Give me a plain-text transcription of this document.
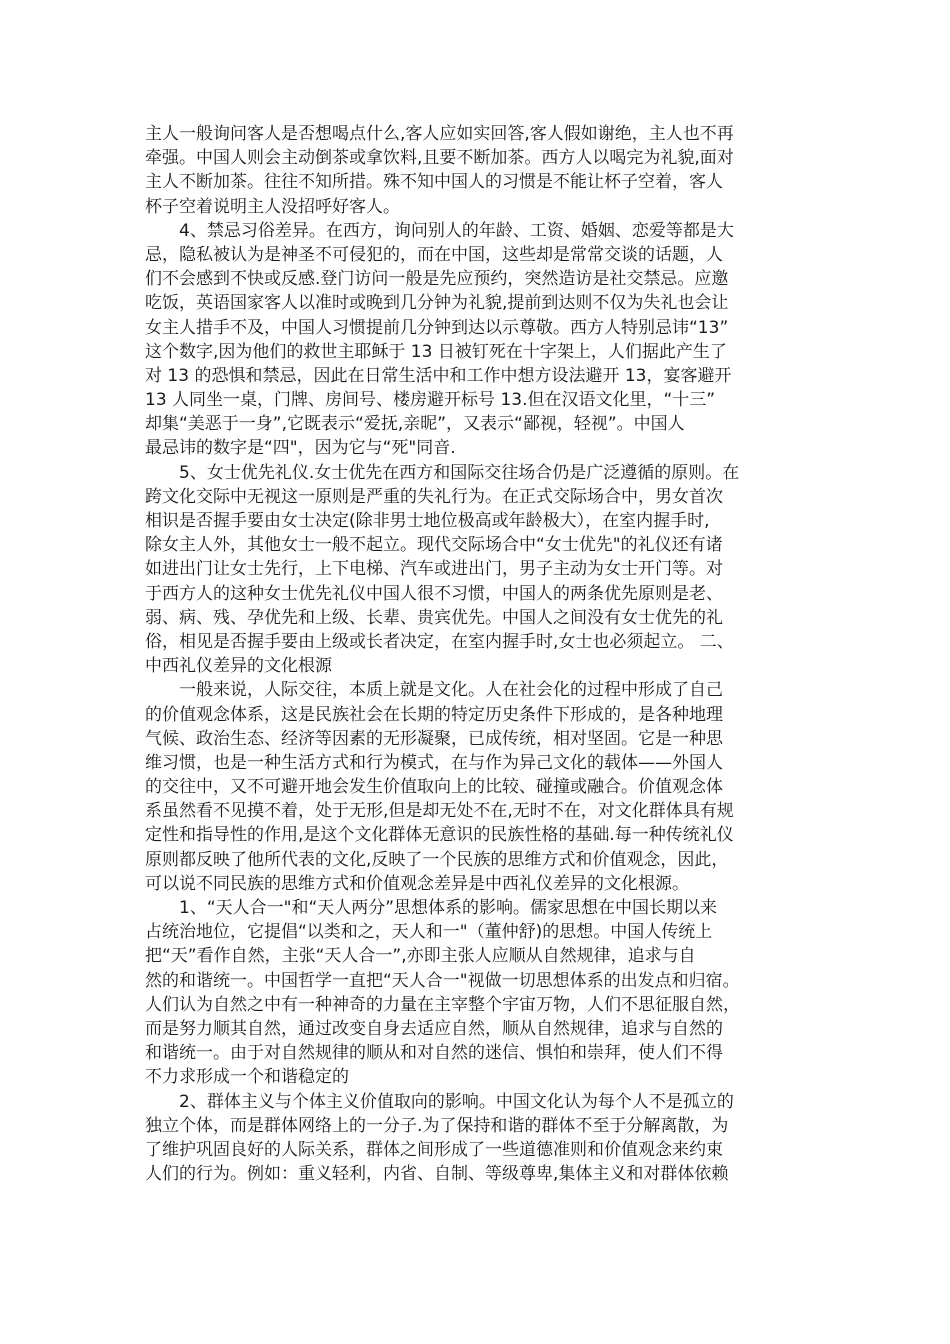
主人一般询问客人是否想喝点什么,客人应如实回答,客人假如谢绝，主人也不再
牵强。中国人则会主动倒茶或拿饮料,且要不断加茶。西方人以喝完为礼貌,面对
主人不断加茶。往往不知所措。殊不知中国人的习惯是不能让杯子空着，客人
杯子空着说明主人没招呼好客人。
4、禁忌习俗差异。在西方，询问别人的年龄、工资、婚姻、恋爱等都是大
忌，隐私被认为是神圣不可侵犯的，而在中国，这些却是常常交谈的话题，人
们不会感到不快或反感.登门访问一般是先应预约，突然造访是社交禁忌。应邀
吃饭，英语国家客人以准时或晚到几分钟为礼貌,提前到达则不仅为失礼也会让
女主人措手不及，中国人习惯提前几分钟到达以示尊敬。西方人特别忌讳“13”
这个数字,因为他们的救世主耶稣于 13 日被钉死在十字架上，人们据此产生了
对 13 的恐惧和禁忌，因此在日常生活中和工作中想方设法避开 13，宴客避开
13 人同坐一桌，门牌、房间号、楼房避开标号 13.但在汉语文化里，“十三”
却集“美恶于一身”,它既表示“爱抚,亲昵”，又表示“鄙视，轻视”。中国人
最忌讳的数字是“四"，因为它与“死"同音.
5、女士优先礼仪.女士优先在西方和国际交往场合仍是广泛遵循的原则。在
跨文化交际中无视这一原则是严重的失礼行为。在正式交际场合中，男女首次
相识是否握手要由女士决定(除非男士地位极高或年龄极大），在室内握手时,
除女主人外，其他女士一般不起立。现代交际场合中“女士优先"的礼仪还有诸
如进出门让女士先行，上下电梯、汽车或进出门，男子主动为女士开门等。对
于西方人的这种女士优先礼仪中国人很不习惯，中国人的两条优先原则是老、
弱、病、残、孕优先和上级、长辈、贵宾优先。中国人之间没有女士优先的礼
俗，相见是否握手要由上级或长者决定，在室内握手时,女士也必须起立。 二、
中西礼仪差异的文化根源
一般来说，人际交往，本质上就是文化。人在社会化的过程中形成了自己
的价值观念体系，这是民族社会在长期的特定历史条件下形成的，是各种地理
气候、政治生态、经济等因素的无形凝聚，已成传统，相对坚固。它是一种思
维习惯，也是一种生活方式和行为模式，在与作为异己文化的载体——外国人
的交往中，又不可避开地会发生价值取向上的比较、碰撞或融合。价值观念体
系虽然看不见摸不着，处于无形,但是却无处不在,无时不在，对文化群体具有规
定性和指导性的作用,是这个文化群体无意识的民族性格的基础.每一种传统礼仪
原则都反映了他所代表的文化,反映了一个民族的思维方式和价值观念，因此，
可以说不同民族的思维方式和价值观念差异是中西礼仪差异的文化根源。
1、“天人合一"和“天人两分”思想体系的影响。儒家思想在中国长期以来
占统治地位，它提倡“以类和之，天人和一"（董仲舒)的思想。中国人传统上
把“天”看作自然，主张“天人合一”,亦即主张人应顺从自然规律，追求与自
然的和谐统一。中国哲学一直把“天人合一"视做一切思想体系的出发点和归宿。
人们认为自然之中有一种神奇的力量在主宰整个宇宙万物，人们不思征服自然，
而是努力顺其自然，通过改变自身去适应自然，顺从自然规律，追求与自然的
和谐统一。由于对自然规律的顺从和对自然的迷信、惧怕和崇拜，使人们不得
不力求形成一个和谐稳定的
2、群体主义与个体主义价值取向的影响。中国文化认为每个人不是孤立的
独立个体，而是群体网络上的一分子.为了保持和谐的群体不至于分解离散，为
了维护巩固良好的人际关系，群体之间形成了一些道德准则和价值观念来约束
人们的行为。例如：重义轻利，内省、自制、等级尊卑,集体主义和对群体依赖
